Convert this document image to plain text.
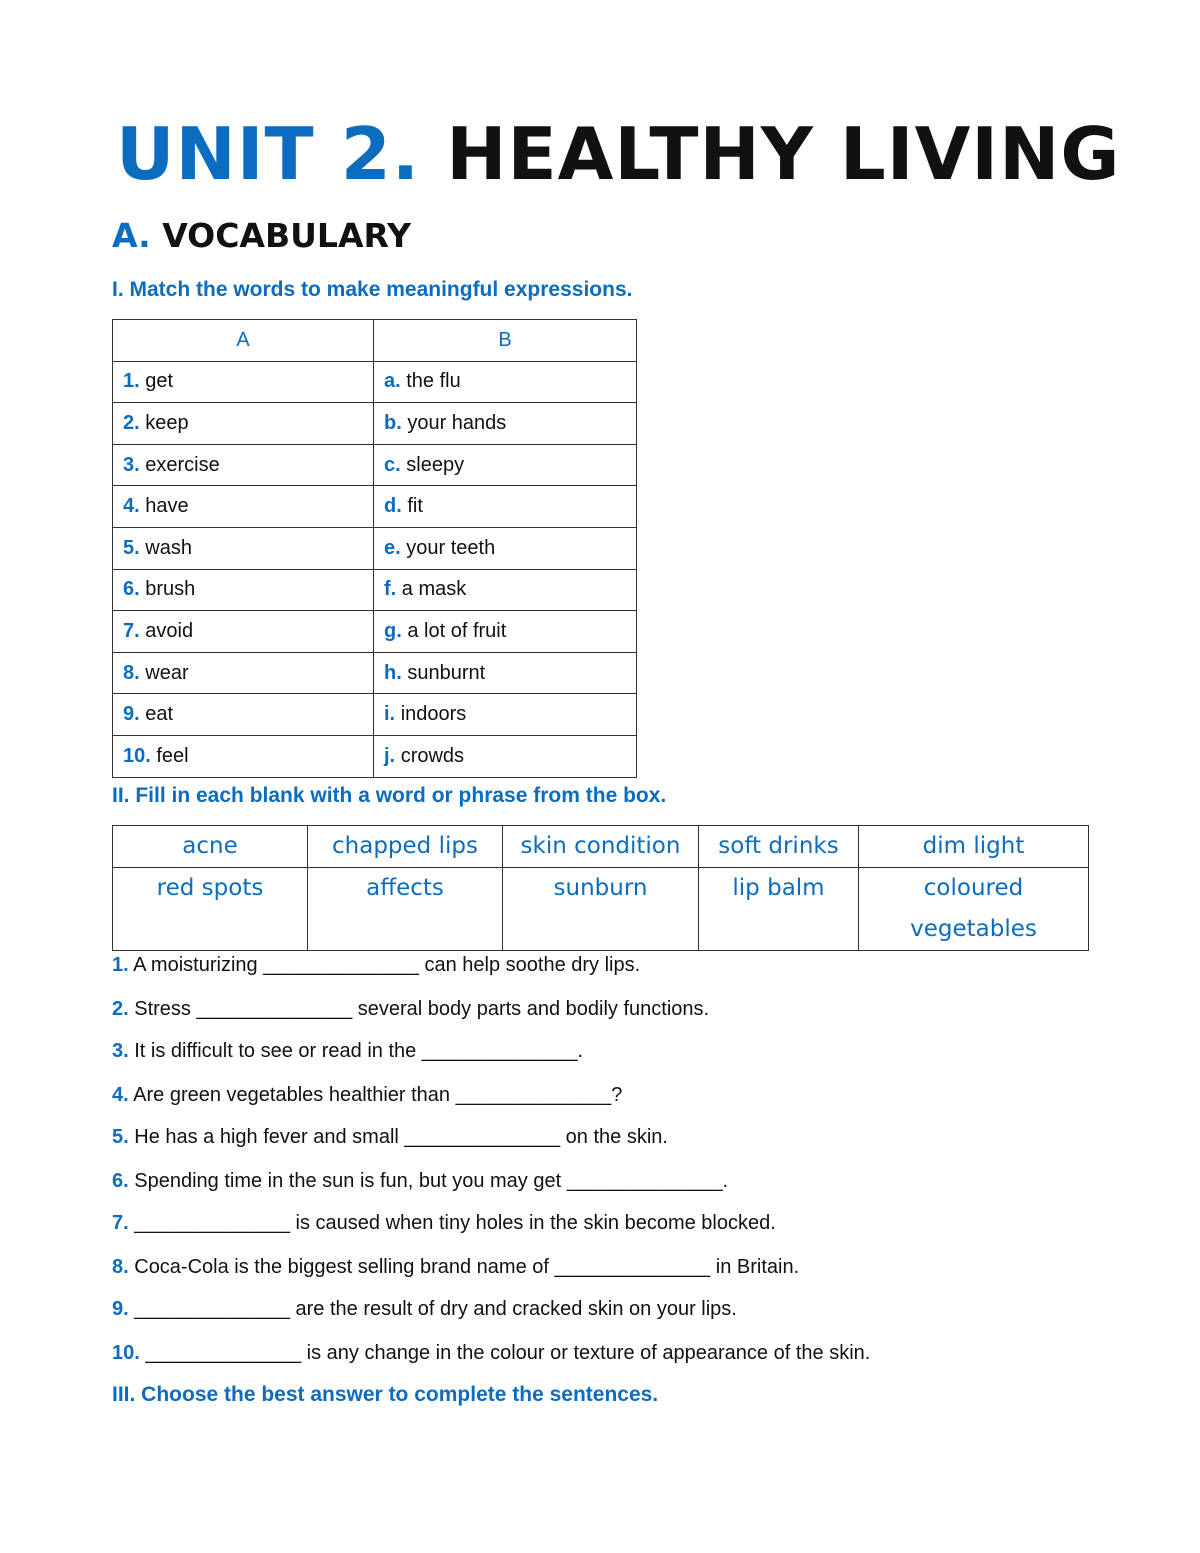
UNIT 2. HEALTHY LIVING
A. VOCABULARY
I. Match the words to make meaningful expressions.
A	B
1. get	a. the flu
2. keep	b. your hands
3. exercise	c. sleepy
4. have	d. fit
5. wash	e. your teeth
6. brush	f. a mask
7. avoid	g. a lot of fruit
8. wear	h. sunburnt
9. eat	i. indoors
10. feel	j. crowds
II. Fill in each blank with a word or phrase from the box.
acne	chapped lips	skin condition	soft drinks	dim light
red spots	affects	sunburn	lip balm	coloured vegetables
1. A moisturizing ______________ can help soothe dry lips.
2. Stress ______________ several body parts and bodily functions.
3. It is difficult to see or read in the ______________.
4. Are green vegetables healthier than ______________?
5. He has a high fever and small ______________ on the skin.
6. Spending time in the sun is fun, but you may get ______________.
7. ______________ is caused when tiny holes in the skin become blocked.
8. Coca-Cola is the biggest selling brand name of ______________ in Britain.
9. ______________ are the result of dry and cracked skin on your lips.
10. ______________ is any change in the colour or texture of appearance of the skin.
III. Choose the best answer to complete the sentences.
